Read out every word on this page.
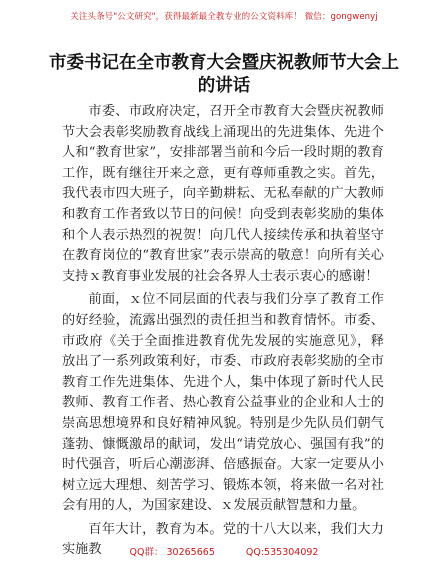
关注头条号"公文研究"，获得最新最全教专业的公文资料库！ 微信：gongwenyj
市委书记在全市教育大会暨庆祝教师节大会上的讲话

市委、市政府决定，召开全市教育大会暨庆祝教师节大会表彰奖励教育战线上涌现出的先进集体、先进个人和“教育世家”，安排部署当前和今后一段时期的教育工作，既有继往开来之意，更有尊师重教之实。首先，我代表市四大班子，向辛勤耕耘、无私奉献的广大教师和教育工作者致以节日的问候！向受到表彰奖励的集体和个人表示热烈的祝贺！向几代人接续传承和执着坚守在教育岗位的“教育世家”表示崇高的敬意！向所有关心支持ｘ教育事业发展的社会各界人士表示衷心的感谢！

前面，ｘ位不同层面的代表与我们分享了教育工作的好经验，流露出强烈的责任担当和教育情怀。市委、市政府《关于全面推进教育优先发展的实施意见》，释放出了一系列政策利好，市委、市政府表彰奖励的全市教育工作先进集体、先进个人，集中体现了新时代人民教师、教育工作者、热心教育公益事业的企业和人士的崇高思想境界和良好精神风貌。特别是少先队员们朝气蓬勃、慷慨激昂的献词，发出“请党放心、强国有我”的时代强音，听后心潮澎湃、倍感振奋。大家一定要从小树立远大理想、刻苦学习、锻炼本领，将来做一名对社会有用的人，为国家建设、ｘ发展贡献智慧和力量。

百年大计，教育为本。党的十八大以来，我们大力实施教	QQ群： 30265665	QQ:535304092
